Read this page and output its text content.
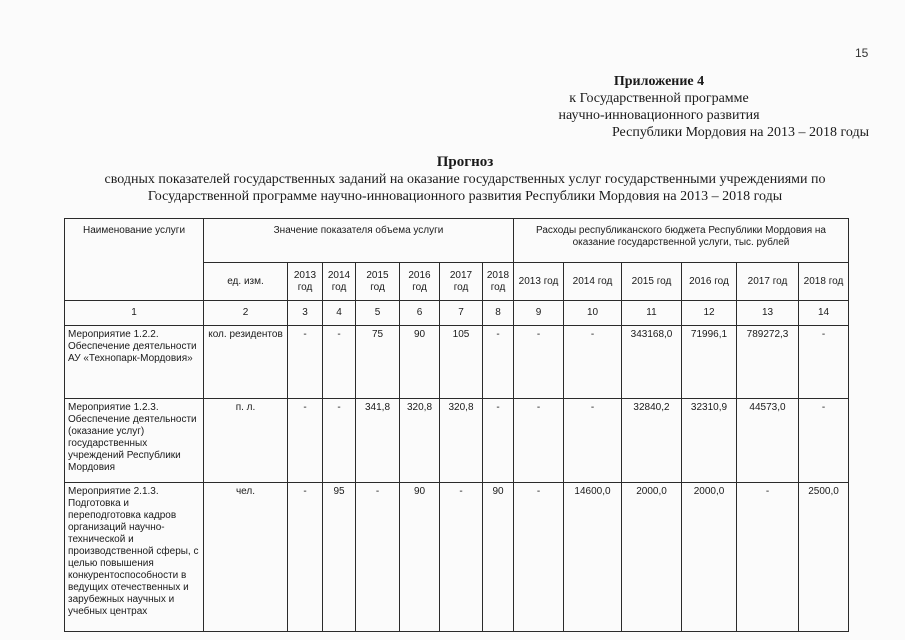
15
Приложение 4
к Государственной программе
научно-инновационного развития
Республики Мордовия на 2013 – 2018 годы
Прогноз
сводных показателей государственных заданий на оказание государственных услуг государственными учреждениями по
Государственной программе научно-инновационного развития Республики Мордовия на 2013 – 2018 годы
Наименование услуги	Значение показателя объема услуги							Расходы республиканского бюджета Республики Мордовия на оказание государственной услуги, тыс. рублей					
	ед. изм.	2013 год	2014 год	2015 год	2016 год	2017 год	2018 год	2013 год	2014 год	2015 год	2016 год	2017 год	2018 год
1	2	3	4	5	6	7	8	9	10	11	12	13	14
Мероприятие 1.2.2. Обеспечение деятельности АУ «Технопарк-Мордовия»	кол. резидентов	-	-	75	90	105	-	-	-	343168,0	71996,1	789272,3	-
Мероприятие 1.2.3. Обеспечение деятельности (оказание услуг) государственных учреждений Республики Мордовия	п. л.	-	-	341,8	320,8	320,8	-	-	-	32840,2	32310,9	44573,0	-
Мероприятие 2.1.3. Подготовка и переподготовка кадров организаций научно-технической и производственной сферы, с целью повышения конкурентоспособности в ведущих отечественных и зарубежных научных и учебных центрах	чел.	-	95	-	90	-	90	-	14600,0	2000,0	2000,0	-	2500,0
